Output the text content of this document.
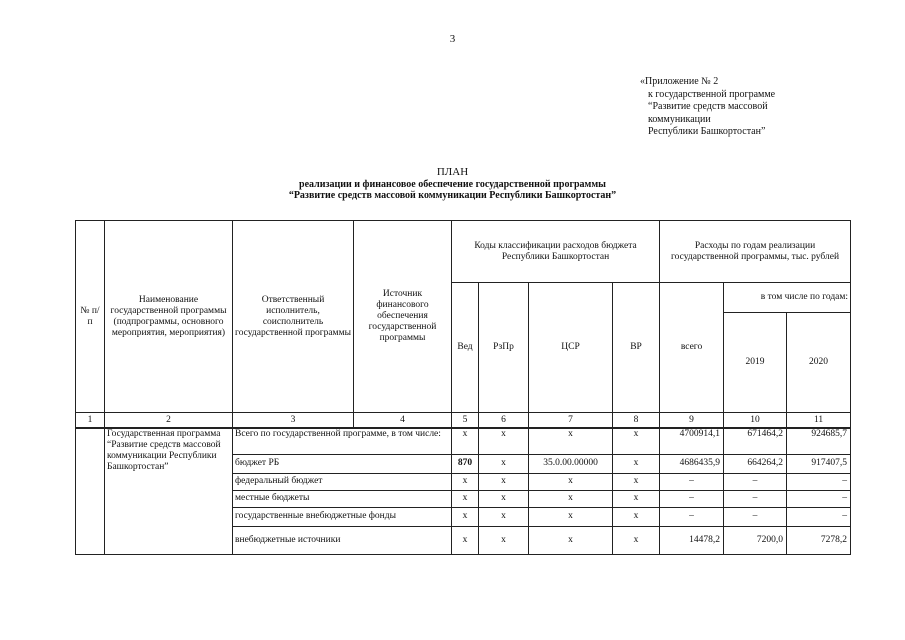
3
«Приложение № 2
к государственной программе
“Развитие средств массовой
коммуникации
Республики Башкортостан”
ПЛАН
реализации и финансовое обеспечение государственной программы
“Развитие средств массовой коммуникации Республики Башкортостан”
№ п/п	Наименование государственной программы (подпрограммы, основного мероприятия, мероприятия)	Ответственный исполнитель, соисполнитель государственной программы	Источник финансового обеспечения государственной программы	Коды классификации расходов бюджета Республики Башкортостан				Расходы по годам реализации государственной программы, тыс. рублей		
				Вед	РзПр	ЦСР	ВР	всего	в том числе по годам:	
									2019	2020
1	2	3	4	5	6	7	8	9	10	11
	Государственная программа “Развитие средств массовой коммуникации Республики Башкортостан”	Всего по государственной программе, в том числе:		х	х	х	х	4700914,1	671464,2	924685,7
		бюджет РБ		870	х	35.0.00.00000	х	4686435,9	664264,2	917407,5
		федеральный бюджет		х	х	х	х	–	–	–
		местные бюджеты		х	х	х	х	–	–	–
		государственные внебюджетные фонды		х	х	х	х	–	–	–
		внебюджетные источники		х	х	х	х	14478,2	7200,0	7278,2
